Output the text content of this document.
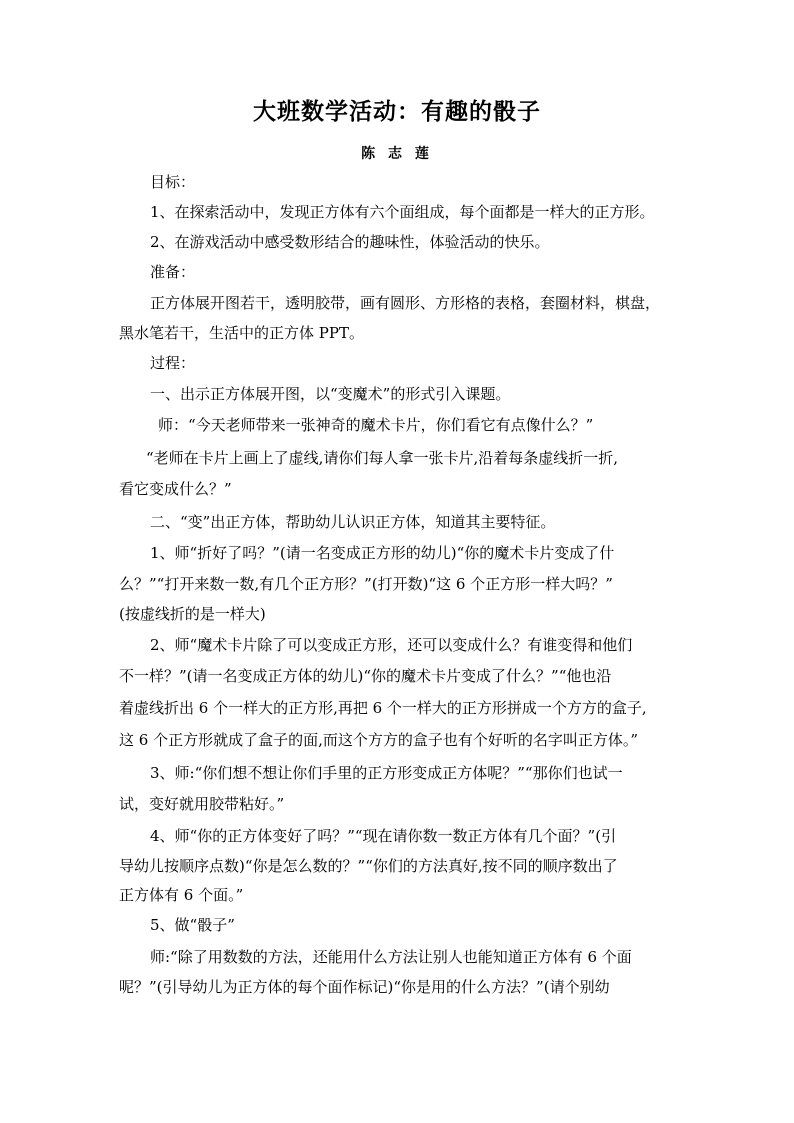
大班数学活动：有趣的骰子
陈 志 莲
目标：
1、在探索活动中，发现正方体有六个面组成，每个面都是一样大的正方形。
2、在游戏活动中感受数形结合的趣味性，体验活动的快乐。
准备：
正方体展开图若干，透明胶带，画有圆形、方形格的表格，套圈材料，棋盘，
黑水笔若干，生活中的正方体 PPT。
过程：
一、出示正方体展开图，以“变魔术”的形式引入课题。
师：“今天老师带来一张神奇的魔术卡片，你们看它有点像什么？”
“老师在卡片上画上了虚线,请你们每人拿一张卡片,沿着每条虚线折一折,
看它变成什么？”
二、“变”出正方体，帮助幼儿认识正方体，知道其主要特征。
1、师“折好了吗？”(请一名变成正方形的幼儿)“你的魔术卡片变成了什
么？”“打开来数一数,有几个正方形？”(打开数)“这 6 个正方形一样大吗？”
(按虚线折的是一样大)
2、师“魔术卡片除了可以变成正方形，还可以变成什么？有谁变得和他们
不一样？”(请一名变成正方体的幼儿)“你的魔术卡片变成了什么？”“他也沿
着虚线折出 6 个一样大的正方形,再把 6 个一样大的正方形拼成一个方方的盒子,
这 6 个正方形就成了盒子的面,而这个方方的盒子也有个好听的名字叫正方体。”
3、师:“你们想不想让你们手里的正方形变成正方体呢？”“那你们也试一
试，变好就用胶带粘好。”
4、师“你的正方体变好了吗？”“现在请你数一数正方体有几个面？”(引
导幼儿按顺序点数)“你是怎么数的？”“你们的方法真好,按不同的顺序数出了
正方体有 6 个面。”
5、做“骰子”
师:“除了用数数的方法，还能用什么方法让别人也能知道正方体有 6 个面
呢？”(引导幼儿为正方体的每个面作标记)“你是用的什么方法？”(请个别幼
